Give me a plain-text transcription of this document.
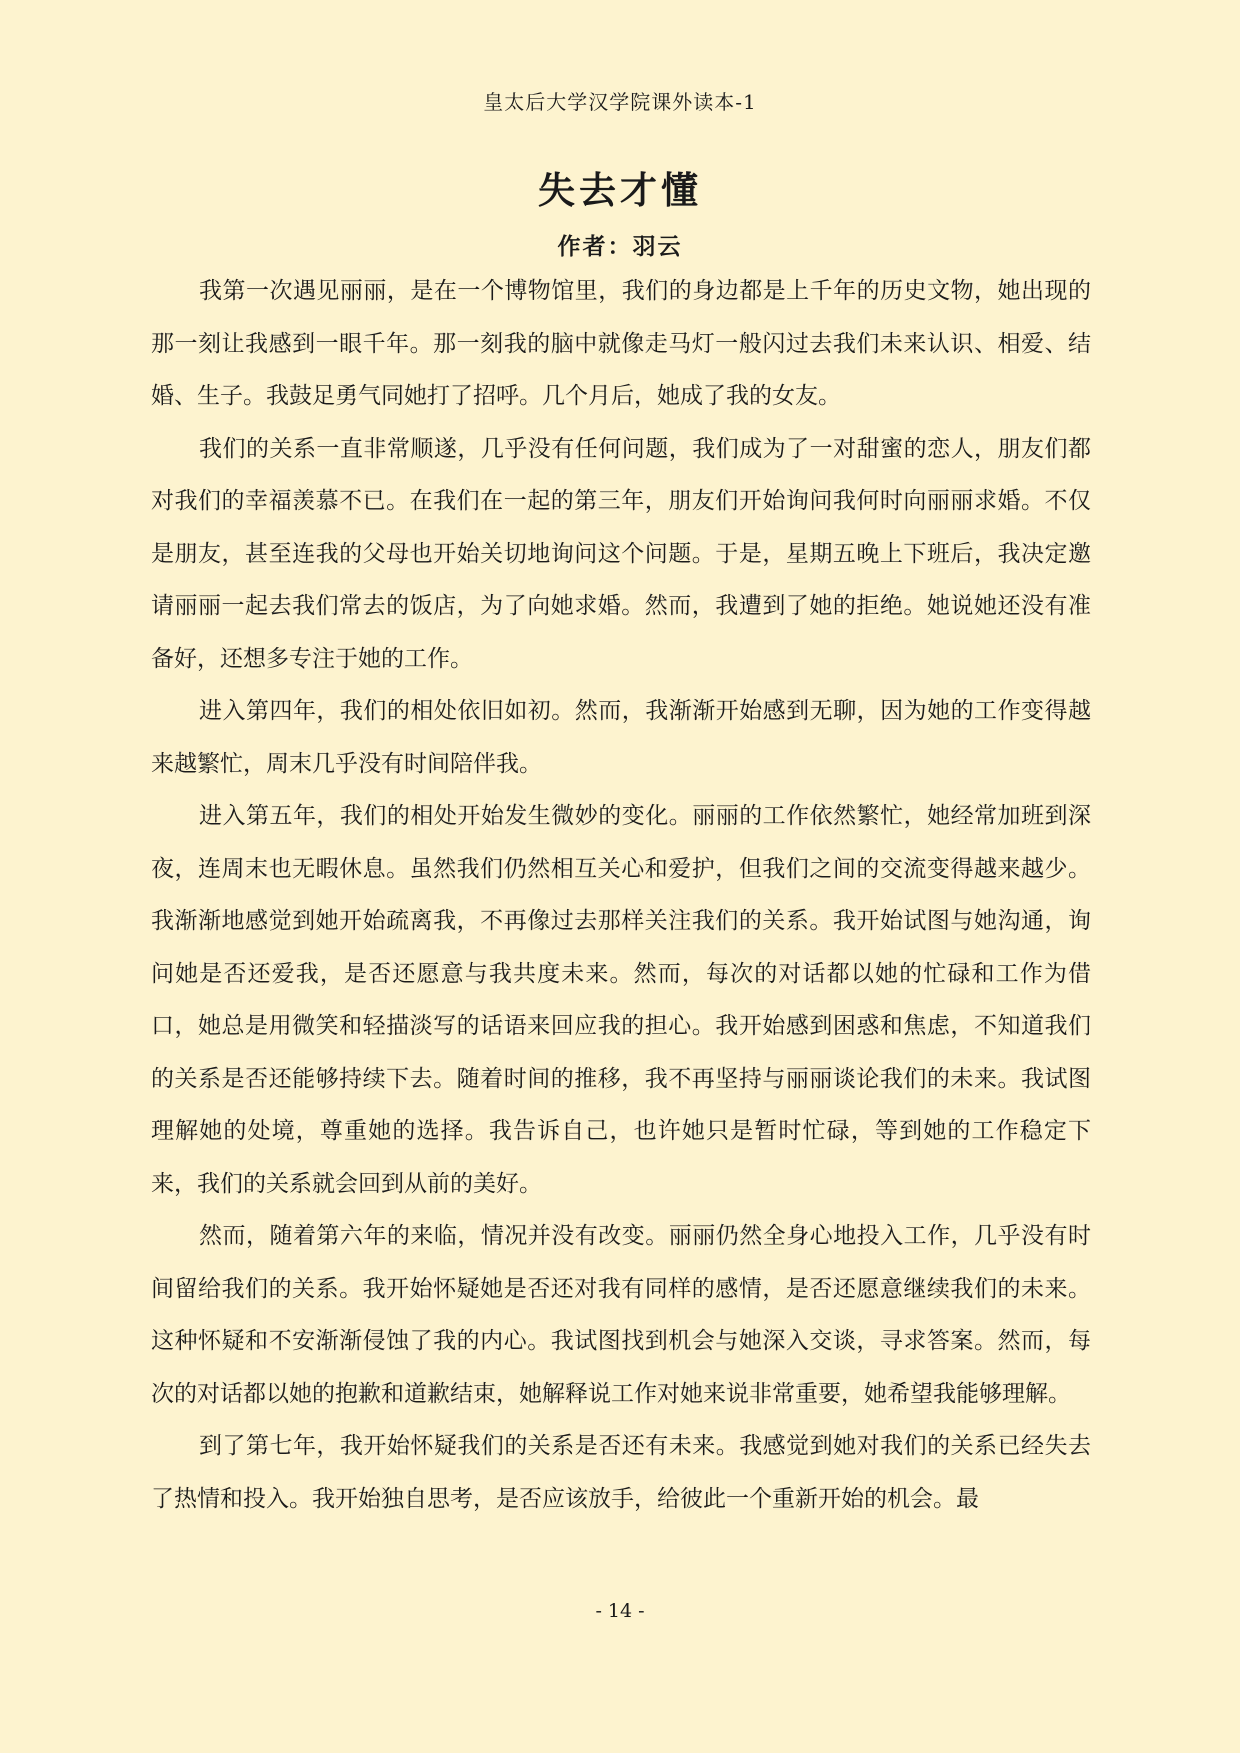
皇太后大学汉学院课外读本-1
失去才懂
作者：羽云

我第一次遇见丽丽，是在一个博物馆里，我们的身边都是上千年的历史文物，她出现的那一刻让我感到一眼千年。那一刻我的脑中就像走马灯一般闪过去我们未来认识、相爱、结婚、生子。我鼓足勇气同她打了招呼。几个月后，她成了我的女友。

我们的关系一直非常顺遂，几乎没有任何问题，我们成为了一对甜蜜的恋人，朋友们都对我们的幸福羡慕不已。在我们在一起的第三年，朋友们开始询问我何时向丽丽求婚。不仅是朋友，甚至连我的父母也开始关切地询问这个问题。于是，星期五晚上下班后，我决定邀请丽丽一起去我们常去的饭店，为了向她求婚。然而，我遭到了她的拒绝。她说她还没有准备好，还想多专注于她的工作。

进入第四年，我们的相处依旧如初。然而，我渐渐开始感到无聊，因为她的工作变得越来越繁忙，周末几乎没有时间陪伴我。

进入第五年，我们的相处开始发生微妙的变化。丽丽的工作依然繁忙，她经常加班到深夜，连周末也无暇休息。虽然我们仍然相互关心和爱护，但我们之间的交流变得越来越少。我渐渐地感觉到她开始疏离我，不再像过去那样关注我们的关系。我开始试图与她沟通，询问她是否还爱我，是否还愿意与我共度未来。然而，每次的对话都以她的忙碌和工作为借口，她总是用微笑和轻描淡写的话语来回应我的担心。我开始感到困惑和焦虑，不知道我们的关系是否还能够持续下去。随着时间的推移，我不再坚持与丽丽谈论我们的未来。我试图理解她的处境，尊重她的选择。我告诉自己，也许她只是暂时忙碌，等到她的工作稳定下来，我们的关系就会回到从前的美好。

然而，随着第六年的来临，情况并没有改变。丽丽仍然全身心地投入工作，几乎没有时间留给我们的关系。我开始怀疑她是否还对我有同样的感情，是否还愿意继续我们的未来。这种怀疑和不安渐渐侵蚀了我的内心。我试图找到机会与她深入交谈，寻求答案。然而，每次的对话都以她的抱歉和道歉结束，她解释说工作对她来说非常重要，她希望我能够理解。

到了第七年，我开始怀疑我们的关系是否还有未来。我感觉到她对我们的关系已经失去了热情和投入。我开始独自思考，是否应该放手，给彼此一个重新开始的机会。最

- 14 -
